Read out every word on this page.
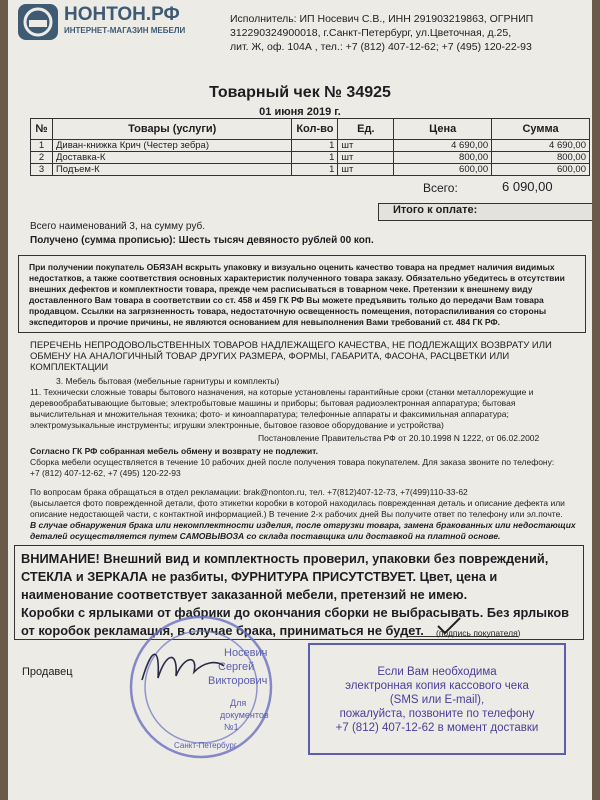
НОНТОН.РФ
ИНТЕРНЕТ-МАГАЗИН МЕБЕЛИ
Исполнитель: ИП Носевич С.В., ИНН 291903219863, ОГРНИП
312290324900018, г.Санкт-Петербург, ул.Цветочная, д.25,
лит. Ж, оф. 104А , тел.: +7 (812) 407-12-62; +7 (495) 120-22-93
Товарный чек № 34925
01 июня 2019 г.
№	Товары (услуги)	Кол-во	Ед.	Цена	Сумма
1	Диван-книжка Крич (Честер зебра)	1	шт	4 690,00	4 690,00
2	Доставка-К	1	шт	800,00	800,00
3	Подъем-К	1	шт	600,00	600,00
Всего:	6 090,00
Итого к оплате:
Всего наименований 3, на сумму руб.
Получено (сумма прописью): Шесть тысяч девяносто рублей 00 коп.
При получении покупатель ОБЯЗАН вскрыть упаковку и визуально оценить качество товара на предмет наличия видимых недостатков, а также соответствия основных характеристик полученного товара заказу. Обязательно убедитесь в отсутствии внешних дефектов и комплектности товара, прежде чем расписываться в товарном чеке. Претензии к внешнему виду доставленного Вам товара в соответствии со ст. 458 и 459 ГК РФ Вы можете предъявить только до передачи Вам товара продавцом. Ссылки на загрязненность товара, недостаточную освещенность помещения, потораспиливания со стороны экспедиторов и прочие причины, не являются основанием для невыполнения Вами требований ст. 484 ГК РФ.
ПЕРЕЧЕНЬ НЕПРОДОВОЛЬСТВЕННЫХ ТОВАРОВ НАДЛЕЖАЩЕГО КАЧЕСТВА, НЕ ПОДЛЕЖАЩИХ ВОЗВРАТУ ИЛИ ОБМЕНУ НА АНАЛОГИЧНЫЙ ТОВАР ДРУГИХ РАЗМЕРА, ФОРМЫ, ГАБАРИТА, ФАСОНА, РАСЦВЕТКИ ИЛИ КОМПЛЕКТАЦИИ
3. Мебель бытовая (мебельные гарнитуры и комплекты)
11. Технически сложные товары бытового назначения, на которые установлены гарантийные сроки (станки металлорежущие и деревообрабатывающие бытовые; электробытовые машины и приборы; бытовая радиоэлектронная аппаратура; бытовая вычислительная и множительная техника; фото- и киноаппаратура; телефонные аппараты и факсимильная аппаратура; электромузыкальные инструменты; игрушки электронные, бытовое газовое оборудование и устройства)
Постановление Правительства РФ от 20.10.1998 N 1222, от 06.02.2002
Согласно ГК РФ собранная мебель обмену и возврату не подлежит.
Сборка мебели осуществляется в течение 10 рабочих дней после получения товара покупателем. Для заказа звоните по телефону:
+7 (812) 407-12-62, +7 (495) 120-22-93
По вопросам брака обращаться в отдел рекламации: brak@nonton.ru, тел. +7(812)407-12-73, +7(499)110-33-62
(высылается фото поврежденной детали, фото этикетки коробки в которой находилась поврежденная деталь и описание дефекта или описание недостающей части, с контактной информацией.) В течение 2-х рабочих дней Вы получите ответ по телефону или эл.почте.
В случае обнаружения брака или некомплектности изделия, после отгрузки товара, замена бракованных или недостающих деталей осуществляется путем САМОВЫВОЗА со склада поставщика или доставкой на платной основе.
ВНИМАНИЕ! Внешний вид и комплектность проверил, упаковки без повреждений,
СТЕКЛА и ЗЕРКАЛА не разбиты, ФУРНИТУРА ПРИСУТСТВУЕТ. Цвет, цена и
наименование соответствует заказанной мебели, претензий не имею.
Коробки с ярлыками от фабрики до окончания сборки не выбрасывать. Без ярлыков
от коробок рекламация, в случае брака, приниматься не будет.	(подпись покупателя)
Продавец
Носевич
Сергей
Викторович
Для
документов
№1
Санкт-Петербург
Если Вам необходима
электронная копия кассового чека
(SMS или E-mail),
пожалуйста, позвоните по телефону
+7 (812) 407-12-62 в момент доставки
